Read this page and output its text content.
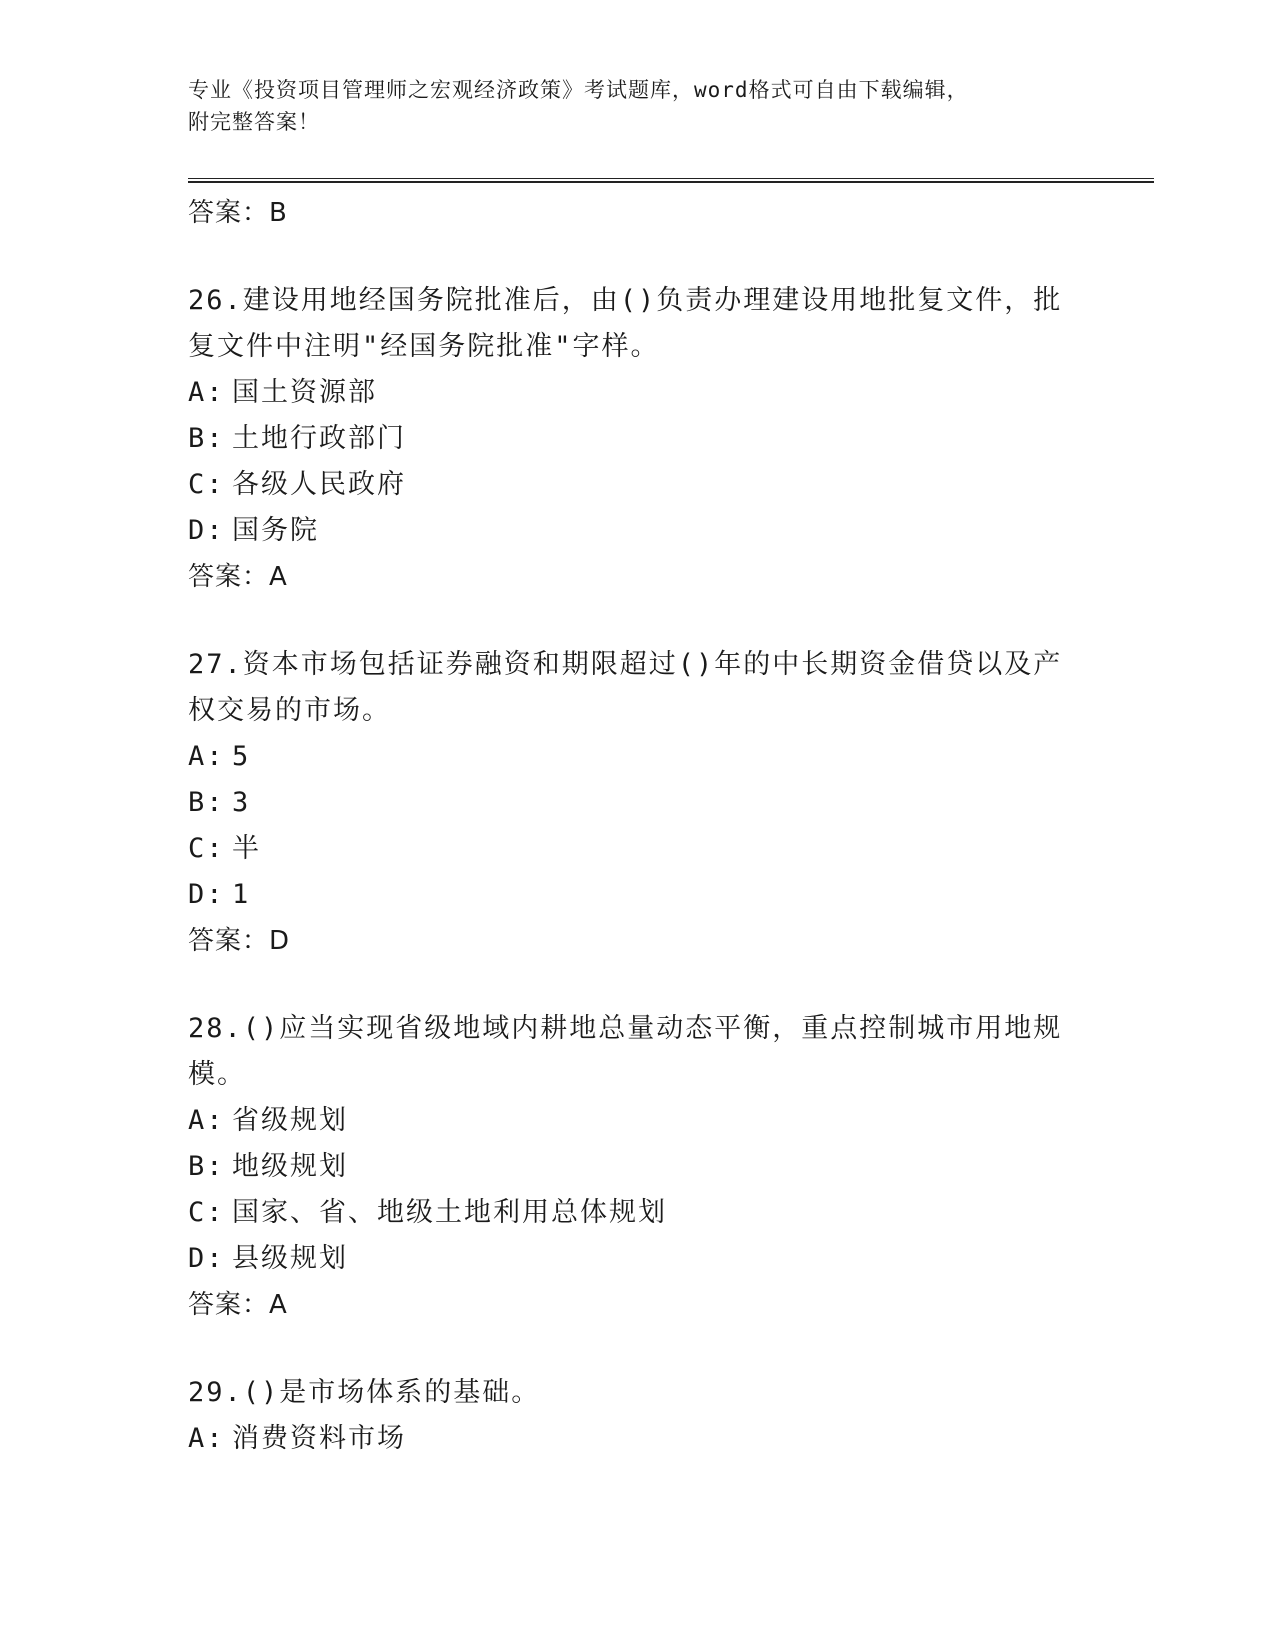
专业《投资项目管理师之宏观经济政策》考试题库，word格式可自由下载编辑，
附完整答案！

答案：B

26.建设用地经国务院批准后，由()负责办理建设用地批复文件，批复文件中注明"经国务院批准"字样。

A: 国土资源部

B: 土地行政部门

C: 各级人民政府

D: 国务院

答案：A

27.资本市场包括证券融资和期限超过()年的中长期资金借贷以及产权交易的市场。

A: 5

B: 3

C: 半

D: 1

答案：D

28.()应当实现省级地域内耕地总量动态平衡，重点控制城市用地规模。

A: 省级规划

B: 地级规划

C: 国家、省、地级土地利用总体规划

D: 县级规划

答案：A

29.()是市场体系的基础。

A: 消费资料市场
